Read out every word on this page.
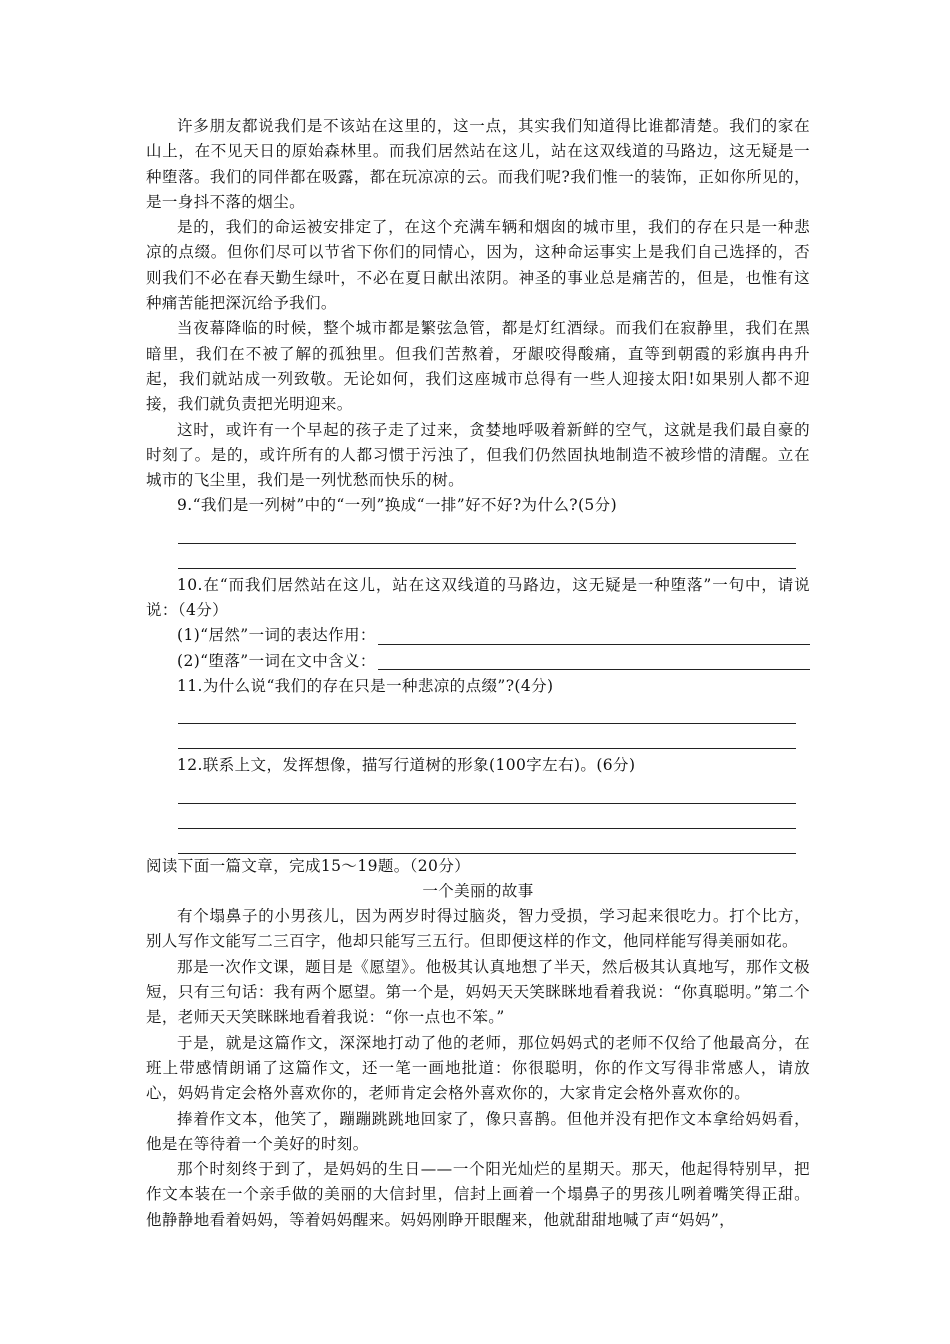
许多朋友都说我们是不该站在这里的，这一点，其实我们知道得比谁都清楚。我们的家在山上，在不见天日的原始森林里。而我们居然站在这儿，站在这双线道的马路边，这无疑是一种堕落。我们的同伴都在吸露，都在玩凉凉的云。而我们呢?我们惟一的装饰，正如你所见的，是一身抖不落的烟尘。

是的，我们的命运被安排定了，在这个充满车辆和烟囱的城市里，我们的存在只是一种悲凉的点缀。但你们尽可以节省下你们的同情心，因为，这种命运事实上是我们自己选择的，否则我们不必在春天勤生绿叶，不必在夏日献出浓阴。神圣的事业总是痛苦的，但是，也惟有这种痛苦能把深沉给予我们。

当夜幕降临的时候，整个城市都是繁弦急管，都是灯红酒绿。而我们在寂静里，我们在黑暗里，我们在不被了解的孤独里。但我们苦熬着，牙龈咬得酸痛，直等到朝霞的彩旗冉冉升起，我们就站成一列致敬。无论如何，我们这座城市总得有一些人迎接太阳!如果别人都不迎接，我们就负责把光明迎来。

这时，或许有一个早起的孩子走了过来，贪婪地呼吸着新鲜的空气，这就是我们最自豪的时刻了。是的，或许所有的人都习惯于污浊了，但我们仍然固执地制造不被珍惜的清醒。立在城市的飞尘里，我们是一列忧愁而快乐的树。

9.“我们是一列树”中的“一列”换成“一排”好不好?为什么?(5分)

10.在“而我们居然站在这儿，站在这双线道的马路边，这无疑是一种堕落”一句中，请说说：（4分）

(1)“居然”一词的表达作用：
(2)“堕落”一词在文中含义：

11.为什么说“我们的存在只是一种悲凉的点缀”?(4分)

12.联系上文，发挥想像，描写行道树的形象(100字左右)。(6分)

阅读下面一篇文章，完成15～19题。（20分）

一个美丽的故事

有个塌鼻子的小男孩儿，因为两岁时得过脑炎，智力受损，学习起来很吃力。打个比方，别人写作文能写二三百字，他却只能写三五行。但即便这样的作文，他同样能写得美丽如花。

那是一次作文课，题目是《愿望》。他极其认真地想了半天，然后极其认真地写，那作文极短，只有三句话：我有两个愿望。第一个是，妈妈天天笑眯眯地看着我说：“你真聪明。”第二个是，老师天天笑眯眯地看着我说：“你一点也不笨。”

于是，就是这篇作文，深深地打动了他的老师，那位妈妈式的老师不仅给了他最高分，在班上带感情朗诵了这篇作文，还一笔一画地批道：你很聪明，你的作文写得非常感人，请放心，妈妈肯定会格外喜欢你的，老师肯定会格外喜欢你的，大家肯定会格外喜欢你的。

捧着作文本，他笑了，蹦蹦跳跳地回家了，像只喜鹊。但他并没有把作文本拿给妈妈看，他是在等待着一个美好的时刻。

那个时刻终于到了，是妈妈的生日——一个阳光灿烂的星期天。那天，他起得特别早，把作文本装在一个亲手做的美丽的大信封里，信封上画着一个塌鼻子的男孩儿咧着嘴笑得正甜。他静静地看着妈妈，等着妈妈醒来。妈妈刚睁开眼醒来，他就甜甜地喊了声“妈妈”，
